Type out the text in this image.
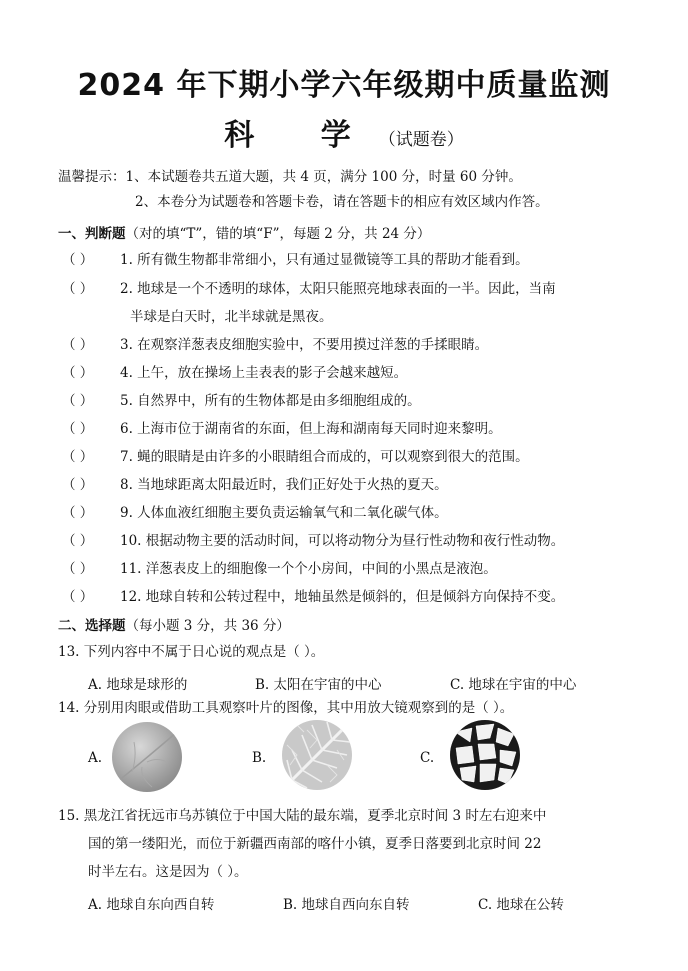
2024 年下期小学六年级期中质量监测
科 学（试题卷）
温馨提示：1、本试题卷共五道大题，共 4 页，满分 100 分，时量 60 分钟。
2、本卷分为试题卷和答题卡卷，请在答题卡的相应有效区域内作答。
一、判断题（对的填“T”，错的填“F”，每题 2 分，共 24 分）
（ ） 1. 所有微生物都非常细小，只有通过显微镜等工具的帮助才能看到。
（ ） 2. 地球是一个不透明的球体，太阳只能照亮地球表面的一半。因此，当南
半球是白天时，北半球就是黑夜。
（ ） 3. 在观察洋葱表皮细胞实验中，不要用摸过洋葱的手揉眼睛。
（ ） 4. 上午，放在操场上圭表表的影子会越来越短。
（ ） 5. 自然界中，所有的生物体都是由多细胞组成的。
（ ） 6. 上海市位于湖南省的东面，但上海和湖南每天同时迎来黎明。
（ ） 7. 蝇的眼睛是由许多的小眼睛组合而成的，可以观察到很大的范围。
（ ） 8. 当地球距离太阳最近时，我们正好处于火热的夏天。
（ ） 9. 人体血液红细胞主要负责运输氧气和二氧化碳气体。
（ ） 10. 根据动物主要的活动时间，可以将动物分为昼行性动物和夜行性动物。
（ ） 11. 洋葱表皮上的细胞像一个个小房间，中间的小黑点是液泡。
（ ） 12. 地球自转和公转过程中，地轴虽然是倾斜的，但是倾斜方向保持不变。
二、选择题（每小题 3 分，共 36 分）
13. 下列内容中不属于日心说的观点是（ ）。
A. 地球是球形的	B. 太阳在宇宙的中心	C. 地球在宇宙的中心
14. 分别用肉眼或借助工具观察叶片的图像，其中用放大镜观察到的是（ ）。
A.	B.	C.
15. 黑龙江省抚远市乌苏镇位于中国大陆的最东端，夏季北京时间 3 时左右迎来中
国的第一缕阳光，而位于新疆西南部的喀什小镇，夏季日落要到北京时间 22
时半左右。这是因为（ ）。
A. 地球自东向西自转	B. 地球自西向东自转	C. 地球在公转
